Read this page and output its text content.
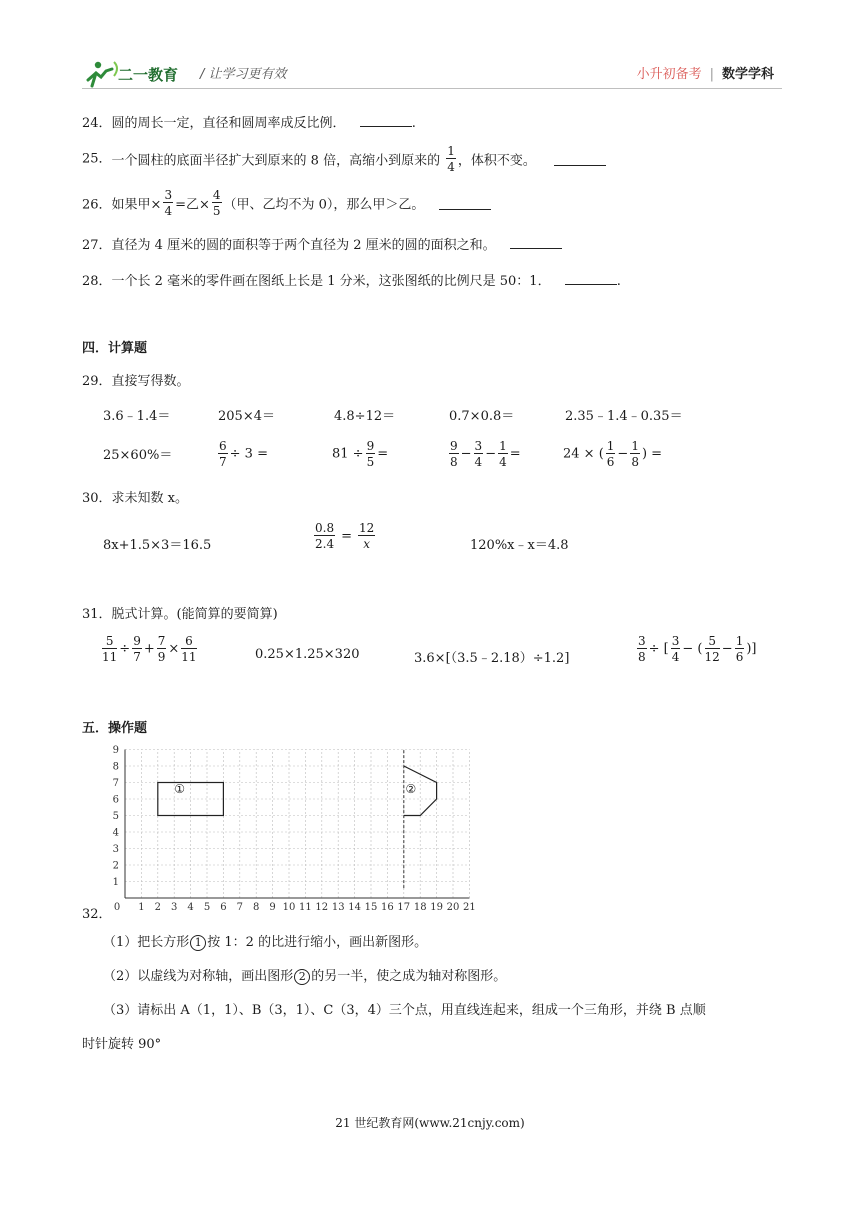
二一教育 / 让学习更有效	小升初备考 | 数学学科
24．圆的周长一定，直径和圆周率成反比例．	.
25．一个圆柱的底面半径扩大到原来的 8 倍，高缩小到原来的 $\frac{1}{4}$ ，体积不变。
26．如果甲× $\frac{3}{4}$ =乙× $\frac{4}{5}$ （甲、乙均不为 0），那么甲＞乙。
27．直径为 4 厘米的圆的面积等于两个直径为 2 厘米的圆的面积之和。
28．一个长 2 毫米的零件画在图纸上长是 1 分米，这张图纸的比例尺是 50：1．	.
四．计算题
29．直接写得数。
3.6﹣1.4＝	205×4＝	4.8÷12＝	0.7×0.8＝	2.35﹣1.4﹣0.35＝
25×60%＝	$\frac{6}{7} \div 3$ =	$81 \div \frac{9}{5}$ =	$\frac{9}{8} - \frac{3}{4} - \frac{1}{4}$ =	24 × ( $\frac{1}{6} - \frac{1}{8}$ ) =
30．求未知数 x。
8x+1.5×3＝16.5	$\frac{0.8}{2.4} = \frac{12}{x}$	120%x﹣x＝4.8
31．脱式计算。(能简算的要简算)
$\frac{5}{11} \div \frac{9}{7} + \frac{7}{9} \times \frac{6}{11}$	0.25×1.25×320	3.6×[（3.5﹣2.18）÷1.2]	$\frac{3}{8}$ ÷ [ $\frac{3}{4}$ − ( $\frac{5}{12} - \frac{1}{6}$ )]
五．操作题
32． 0 1 2 3 4 5 6 7 8 9 10 11 12 13 14 15 16 17 18 19 20 21
1
2
3
4
5
6
7
8
9
①	②
（1）把长方形 1 按 1：2 的比进行缩小，画出新图形。
（2）以虚线为对称轴，画出图形 2 的另一半，使之成为轴对称图形。
（3）请标出 A（1，1）、B（3，1）、C（3，4）三个点，用直线连起来，组成一个三角形，并绕 B 点顺
时针旋转 90°
21 世纪教育网(www.21cnjy.com)
